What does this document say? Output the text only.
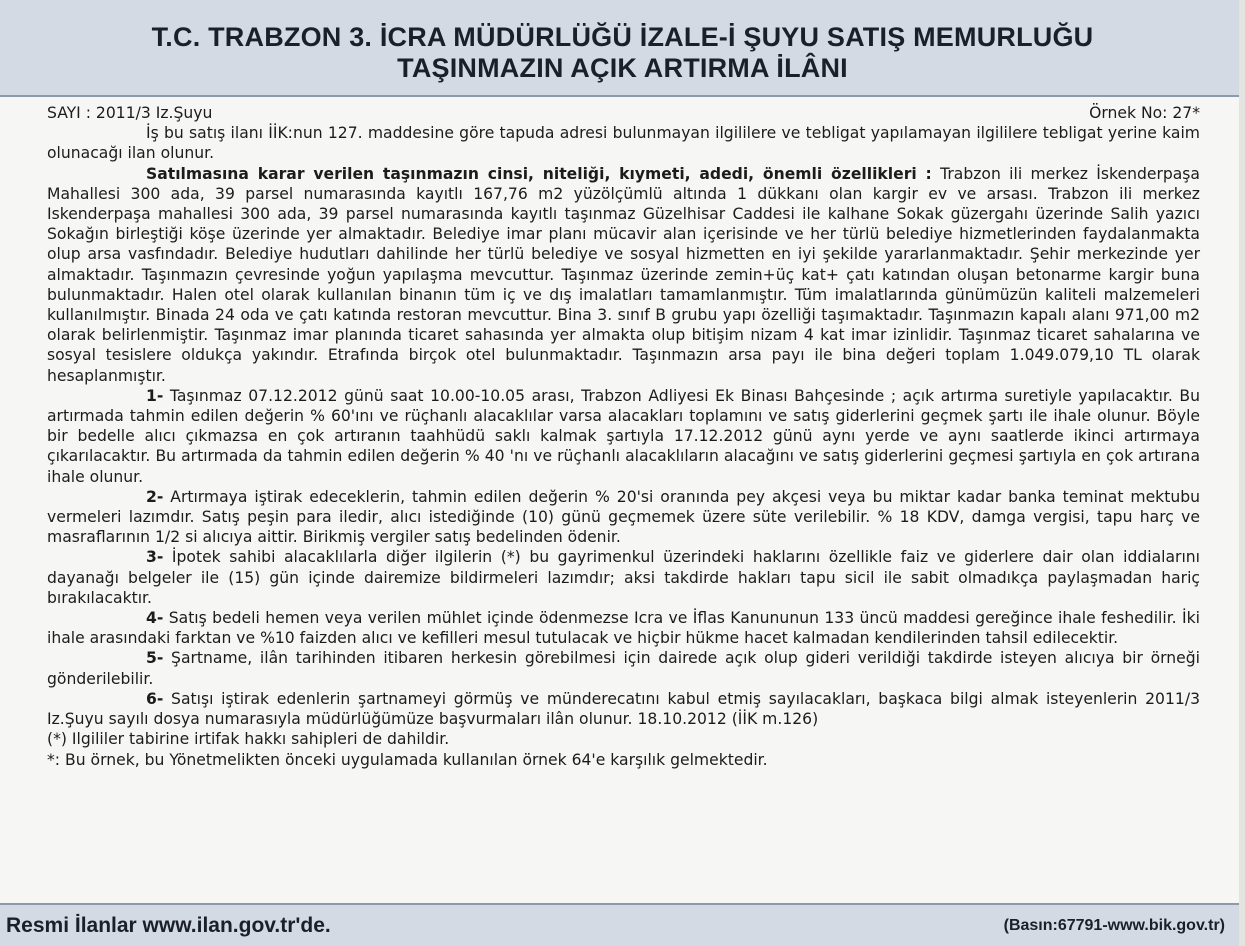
T.C. TRABZON 3. İCRA MÜDÜRLÜĞÜ İZALE-İ ŞUYU SATIŞ MEMURLUĞU
TAŞINMAZIN AÇIK ARTIRMA İLÂNI
SAYI : 2011/3 Iz.Şuyu	Örnek No: 27*

İş bu satış ilanı İİK:nun 127. maddesine göre tapuda adresi bulunmayan ilgililere ve tebligat yapılamayan ilgililere tebligat yerine kaim olunacağı ilan olunur.

Satılmasına karar verilen taşınmazın cinsi, niteliği, kıymeti, adedi, önemli özellikleri : Trabzon ili merkez İskenderpaşa Mahallesi 300 ada, 39 parsel numarasında kayıtlı 167,76 m2 yüzölçümlü altında 1 dükkanı olan kargir ev ve arsası. Trabzon ili merkez Iskenderpaşa mahallesi 300 ada, 39 parsel numarasında kayıtlı taşınmaz Güzelhisar Caddesi ile kalhane Sokak güzergahı üzerinde Salih yazıcı Sokağın birleştiği köşe üzerinde yer almaktadır. Belediye imar planı mücavir alan içerisinde ve her türlü belediye hizmetlerinden faydalanmakta olup arsa vasfındadır. Belediye hudutları dahilinde her türlü belediye ve sosyal hizmetten en iyi şekilde yararlanmaktadır. Şehir merkezinde yer almaktadır. Taşınmazın çevresinde yoğun yapılaşma mevcuttur. Taşınmaz üzerinde zemin+üç kat+ çatı katından oluşan betonarme kargir buna bulunmaktadır. Halen otel olarak kullanılan binanın tüm iç ve dış imalatları tamamlanmıştır. Tüm imalatlarında günümüzün kaliteli malzemeleri kullanılmıştır. Binada 24 oda ve çatı katında restoran mevcuttur. Bina 3. sınıf B grubu yapı özelliği taşımaktadır. Taşınmazın kapalı alanı 971,00 m2 olarak belirlenmiştir. Taşınmaz imar planında ticaret sahasında yer almakta olup bitişim nizam 4 kat imar izinlidir. Taşınmaz ticaret sahalarına ve sosyal tesislere oldukça yakındır. Etrafında birçok otel bulunmaktadır. Taşınmazın arsa payı ile bina değeri toplam 1.049.079,10 TL olarak hesaplanmıştır.

1- Taşınmaz 07.12.2012 günü saat 10.00-10.05 arası, Trabzon Adliyesi Ek Binası Bahçesinde ; açık artırma suretiyle yapılacaktır. Bu artırmada tahmin edilen değerin % 60'ını ve rüçhanlı alacaklılar varsa alacakları toplamını ve satış giderlerini geçmek şartı ile ihale olunur. Böyle bir bedelle alıcı çıkmazsa en çok artıranın taahhüdü saklı kalmak şartıyla 17.12.2012 günü aynı yerde ve aynı saatlerde ikinci artırmaya çıkarılacaktır. Bu artırmada da tahmin edilen değerin % 40 'nı ve rüçhanlı alacaklıların alacağını ve satış giderlerini geçmesi şartıyla en çok artırana ihale olunur.

2- Artırmaya iştirak edeceklerin, tahmin edilen değerin % 20'si oranında pey akçesi veya bu miktar kadar banka teminat mektubu vermeleri lazımdır. Satış peşin para iledir, alıcı istediğinde (10) günü geçmemek üzere süte verilebilir. % 18 KDV, damga vergisi, tapu harç ve masraflarının 1/2 si alıcıya aittir. Birikmiş vergiler satış bedelinden ödenir.

3- İpotek sahibi alacaklılarla diğer ilgilerin (*) bu gayrimenkul üzerindeki haklarını özellikle faiz ve giderlere dair olan iddialarını dayanağı belgeler ile (15) gün içinde dairemize bildirmeleri lazımdır; aksi takdirde hakları tapu sicil ile sabit olmadıkça paylaşmadan hariç bırakılacaktır.

4- Satış bedeli hemen veya verilen mühlet içinde ödenmezse Icra ve İflas Kanununun 133 üncü maddesi gereğince ihale feshedilir. İki ihale arasındaki farktan ve %10 faizden alıcı ve kefilleri mesul tutulacak ve hiçbir hükme hacet kalmadan kendilerinden tahsil edilecektir.

5- Şartname, ilân tarihinden itibaren herkesin görebilmesi için dairede açık olup gideri verildiği takdirde isteyen alıcıya bir örneği gönderilebilir.

6- Satışı iştirak edenlerin şartnameyi görmüş ve münderecatını kabul etmiş sayılacakları, başkaca bilgi almak isteyenlerin 2011/3 Iz.Şuyu sayılı dosya numarasıyla müdürlüğümüze başvurmaları ilân olunur. 18.10.2012 (İİK m.126)

(*) Ilgililer tabirine irtifak hakkı sahipleri de dahildir.

*: Bu örnek, bu Yönetmelikten önceki uygulamada kullanılan örnek 64'e karşılık gelmektedir.

Resmi İlanlar www.ilan.gov.tr'de.	(Basın:67791-www.bik.gov.tr)
